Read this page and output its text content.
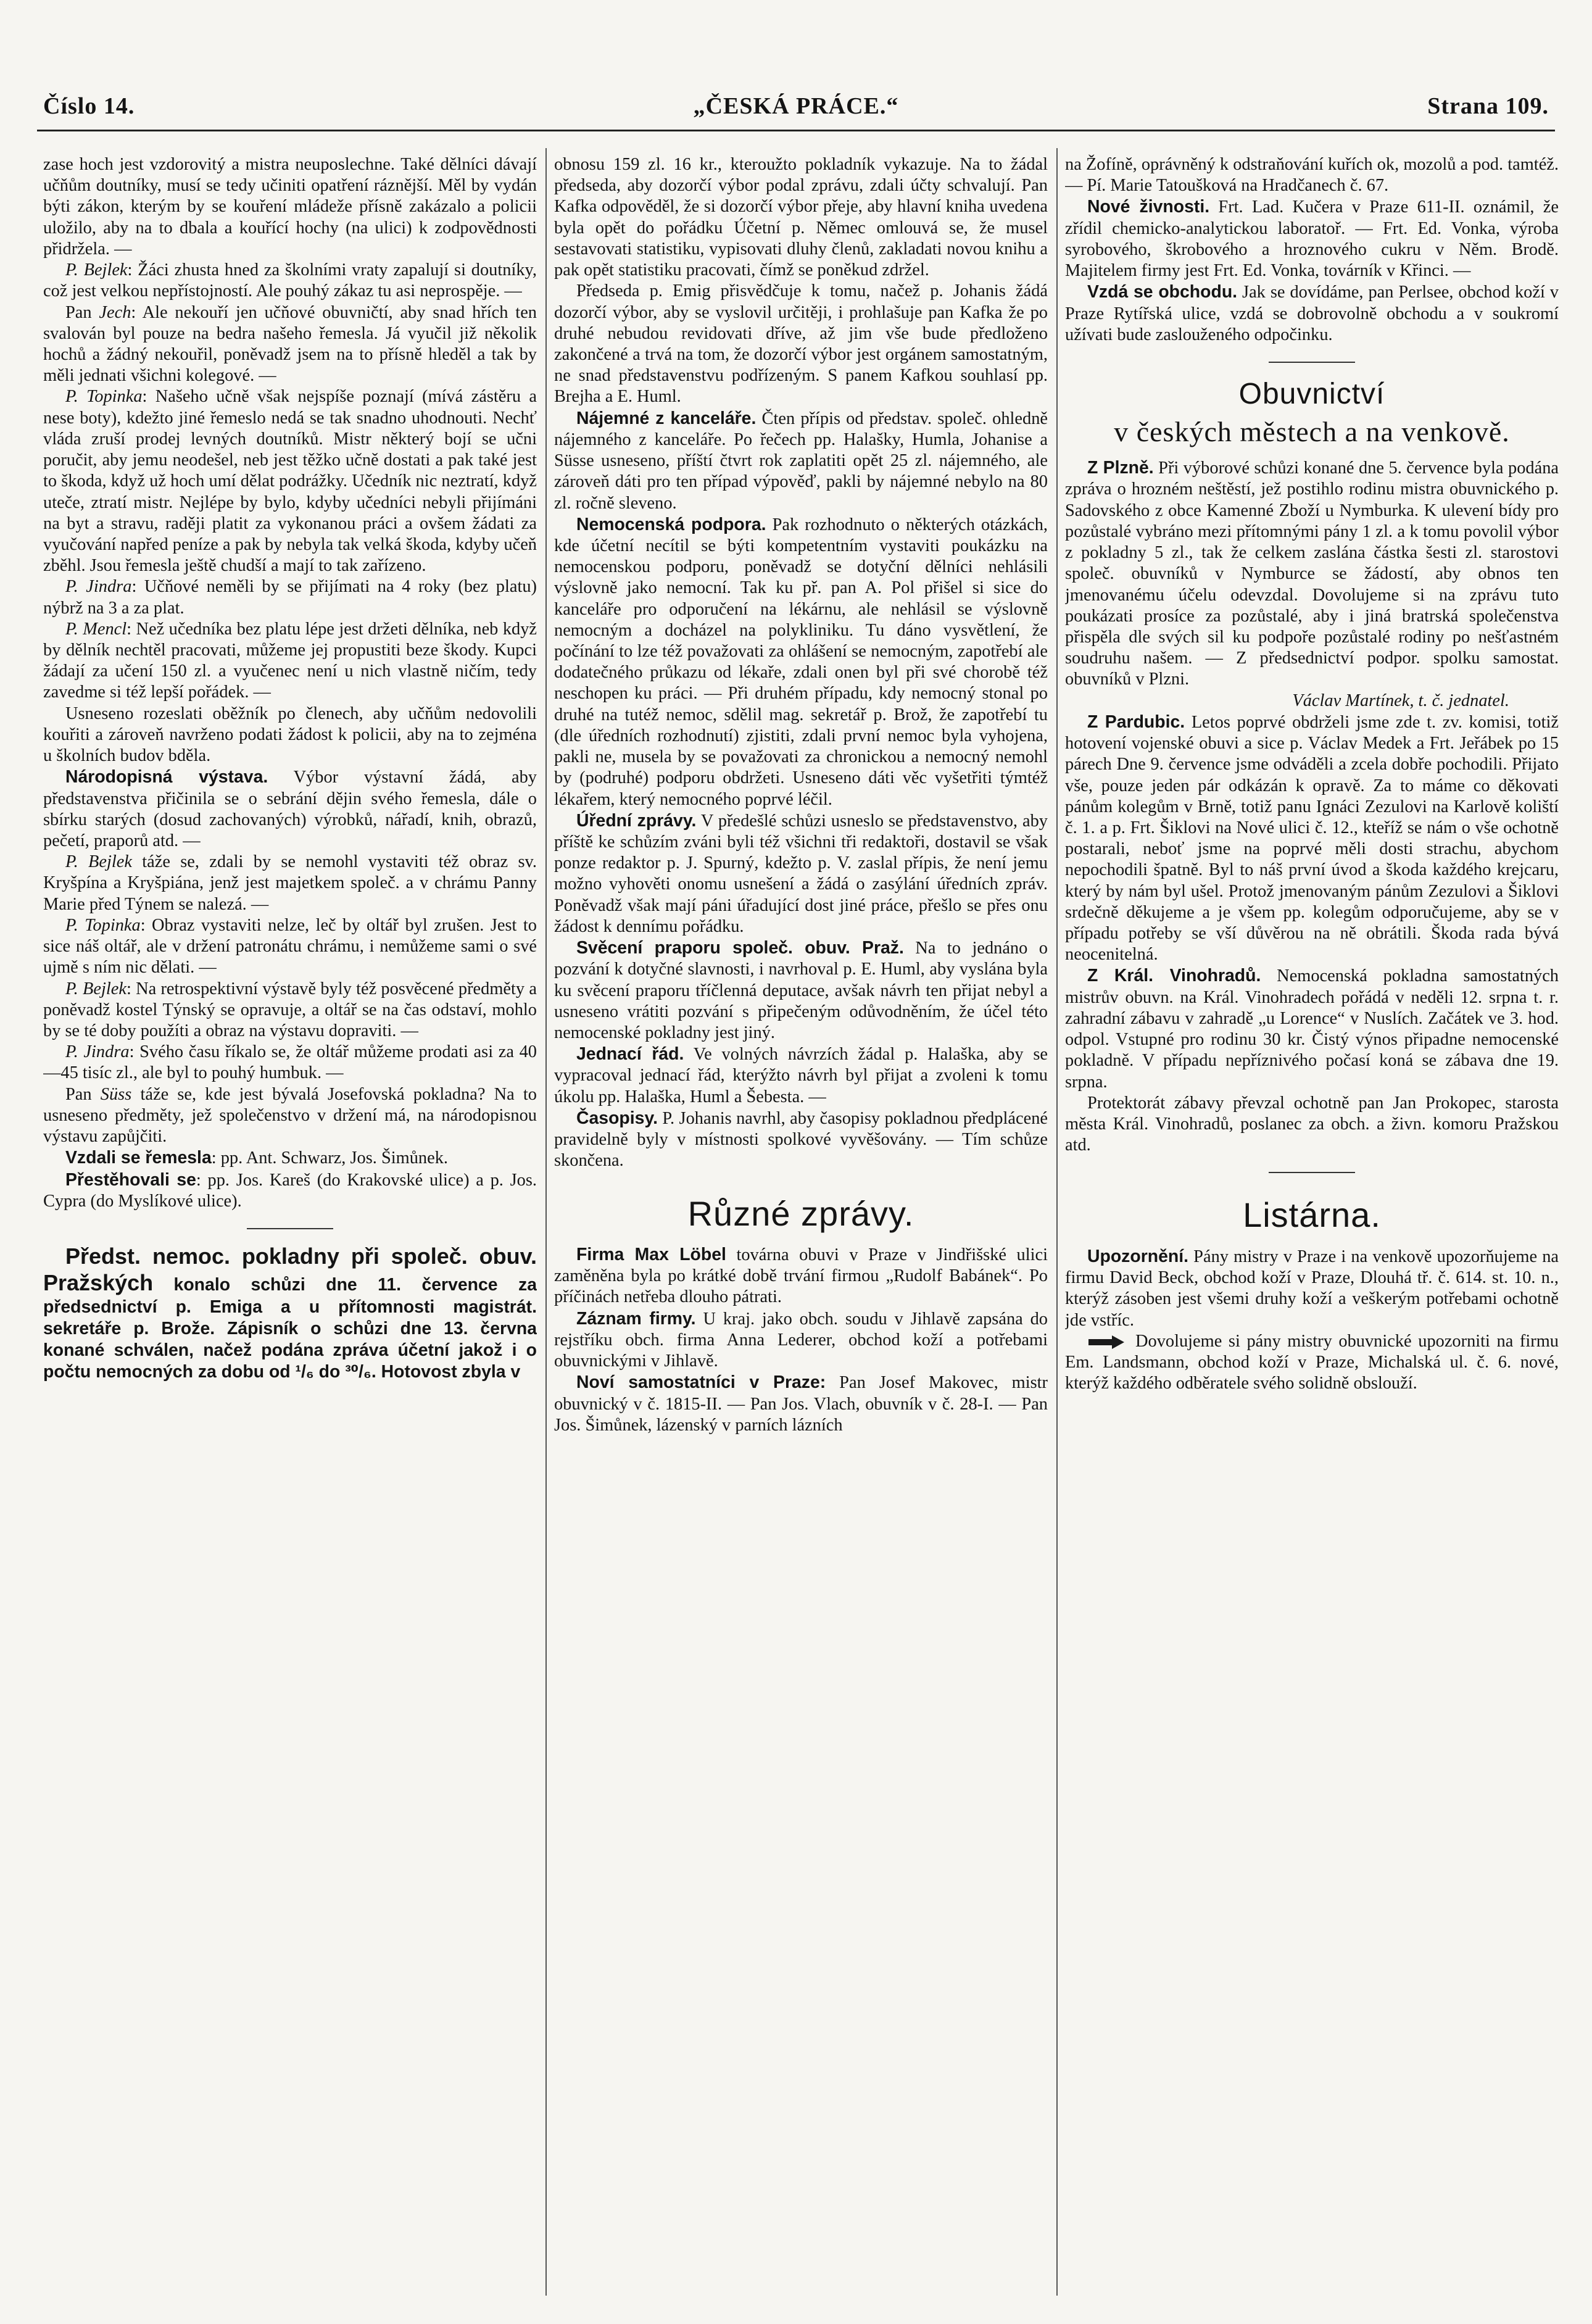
Číslo 14.	„ČESKÁ PRÁCE.“	Strana 109.

zase hoch jest vzdorovitý a mistra neuposlechne. Také dělníci dávají učňům doutníky, musí se tedy učiniti opatření ráznější. Měl by vydán býti zákon, kterým by se kouření mládeže přísně zakázalo a policii uložilo, aby na to dbala a kouřící hochy (na ulici) k zodpovědnosti přidržela. —

P. Bejlek: Žáci zhusta hned za školními vraty zapalují si doutníky, což jest velkou nepřístojností. Ale pouhý zákaz tu asi neprospěje. —

Pan Jech: Ale nekouří jen učňové obuvničtí, aby snad hřích ten svalován byl pouze na bedra našeho řemesla. Já vyučil již několik hochů a žádný nekouřil, poněvadž jsem na to přísně hleděl a tak by měli jednati všichni kolegové. —

P. Topinka: Našeho učně však nejspíše poznají (mívá zástěru a nese boty), kdežto jiné řemeslo nedá se tak snadno uhodnouti. Nechť vláda zruší prodej levných doutníků. Mistr některý bojí se učni poručit, aby jemu neodešel, neb jest těžko učně dostati a pak také jest to škoda, když už hoch umí dělat podrážky. Učedník nic neztratí, když uteče, ztratí mistr. Nejlépe by bylo, kdyby učedníci nebyli přijímáni na byt a stravu, raději platit za vykonanou práci a ovšem žádati za vyučování napřed peníze a pak by nebyla tak velká škoda, kdyby učeň zběhl. Jsou řemesla ještě chudší a mají to tak zařízeno.

P. Jindra: Učňové neměli by se přijímati na 4 roky (bez platu) nýbrž na 3 a za plat.

P. Mencl: Než učedníka bez platu lépe jest držeti dělníka, neb když by dělník nechtěl pracovati, můžeme jej propustiti beze škody. Kupci žádají za učení 150 zl. a vyučenec není u nich vlastně ničím, tedy zavedme si též lepší pořádek. —

Usneseno rozeslati oběžník po členech, aby učňům nedovolili kouřiti a zároveň navrženo podati žádost k policii, aby na to zejména u školních budov bděla.

Národopisná výstava. Výbor výstavní žádá, aby představenstva přičinila se o sebrání dějin svého řemesla, dále o sbírku starých (dosud zachovaných) výrobků, nářadí, knih, obrazů, pečetí, praporů atd. —

P. Bejlek táže se, zdali by se nemohl vystaviti též obraz sv. Kryšpína a Kryšpiána, jenž jest majetkem společ. a v chrámu Panny Marie před Týnem se nalezá. —

P. Topinka: Obraz vystaviti nelze, leč by oltář byl zrušen. Jest to sice náš oltář, ale v držení patronátu chrámu, i nemůžeme sami o své ujmě s ním nic dělati. —

P. Bejlek: Na retrospektivní výstavě byly též posvěcené předměty a poněvadž kostel Týnský se opravuje, a oltář se na čas odstaví, mohlo by se té doby použíti a obraz na výstavu dopraviti. —

P. Jindra: Svého času říkalo se, že oltář můžeme prodati asi za 40—45 tisíc zl., ale byl to pouhý humbuk. —

Pan Süss táže se, kde jest bývalá Josefovská pokladna? Na to usneseno předměty, jež společenstvo v držení má, na národopisnou výstavu zapůjčiti.

Vzdali se řemesla: pp. Ant. Schwarz, Jos. Šimůnek.

Přestěhovali se: pp. Jos. Kareš (do Krakovské ulice) a p. Jos. Cypra (do Myslíkové ulice).

Předst. nemoc. pokladny při společ. obuv. Pražských konalo schůzi dne 11. července za předsednictví p. Emiga a u přítomnosti magistrát. sekretáře p. Brože. Zápisník o schůzi dne 13. června konané schválen, načež podána zpráva účetní jakož i o počtu nemocných za dobu od ¹/₆ do ³⁰/₆. Hotovost zbyla v

obnosu 159 zl. 16 kr., kteroužto pokladník vykazuje. Na to žádal předseda, aby dozorčí výbor podal zprávu, zdali účty schvalují. Pan Kafka odpověděl, že si dozorčí výbor přeje, aby hlavní kniha uvedena byla opět do pořádku Účetní p. Němec omlouvá se, že musel sestavovati statistiku, vypisovati dluhy členů, zakladati novou knihu a pak opět statistiku pracovati, čímž se poněkud zdržel.

Předseda p. Emig přisvědčuje k tomu, načež p. Johanis žádá dozorčí výbor, aby se vyslovil určitěji, i prohlašuje pan Kafka že po druhé nebudou revidovati dříve, až jim vše bude předloženo zakončené a trvá na tom, že dozorčí výbor jest orgánem samostatným, ne snad představenstvu podřízeným. S panem Kafkou souhlasí pp. Brejha a E. Huml.

Nájemné z kanceláře. Čten přípis od představ. společ. ohledně nájemného z kanceláře. Po řečech pp. Halašky, Humla, Johanise a Süsse usneseno, příští čtvrt rok zaplatiti opět 25 zl. nájemného, ale zároveň dáti pro ten případ výpověď, pakli by nájemné nebylo na 80 zl. ročně sleveno.

Nemocenská podpora. Pak rozhodnuto o některých otázkách, kde účetní necítil se býti kompetentním vystaviti poukázku na nemocenskou podporu, poněvadž se dotyční dělníci nehlásili výslovně jako nemocní. Tak ku př. pan A. Pol přišel si sice do kanceláře pro odporučení na lékárnu, ale nehlásil se výslovně nemocným a docházel na polykliniku. Tu dáno vysvětlení, že počínání to lze též považovati za ohlášení se nemocným, zapotřebí ale dodatečného průkazu od lékaře, zdali onen byl při své chorobě též neschopen ku práci. — Při druhém případu, kdy nemocný stonal po druhé na tutéž nemoc, sdělil mag. sekretář p. Brož, že zapotřebí tu (dle úředních rozhodnutí) zjistiti, zdali první nemoc byla vyhojena, pakli ne, musela by se považovati za chronickou a nemocný nemohl by (podruhé) podporu obdržeti. Usneseno dáti věc vyšetřiti týmtéž lékařem, který nemocného poprvé léčil.

Úřední zprávy. V předešlé schůzi usneslo se představenstvo, aby příště ke schůzím zváni byli též všichni tři redaktoři, dostavil se však ponze redaktor p. J. Spurný, kdežto p. V. zaslal přípis, že není jemu možno vyhověti onomu usnešení a žádá o zasýlání úředních zpráv. Poněvadž však mají páni úřadující dost jiné práce, přešlo se přes onu žádost k dennímu pořádku.

Svěcení praporu společ. obuv. Praž. Na to jednáno o pozvání k dotyčné slavnosti, i navrhoval p. E. Huml, aby vyslána byla ku svěcení praporu tříčlenná deputace, avšak návrh ten přijat nebyl a usneseno vrátiti pozvání s připečeným odůvodněním, že účel této nemocenské pokladny jest jiný.

Jednací řád. Ve volných návrzích žádal p. Halaška, aby se vypracoval jednací řád, kterýžto návrh byl přijat a zvoleni k tomu úkolu pp. Halaška, Huml a Šebesta. —

Časopisy. P. Johanis navrhl, aby časopisy pokladnou předplácené pravidelně byly v místnosti spolkové vyvěšovány. — Tím schůze skončena.

Různé zprávy.

Firma Max Löbel továrna obuvi v Praze v Jindřišské ulici zaměněna byla po krátké době trvání firmou „Rudolf Babánek“. Po příčinách netřeba dlouho pátrati.

Záznam firmy. U kraj. jako obch. soudu v Jihlavě zapsána do rejstříku obch. firma Anna Lederer, obchod koží a potřebami obuvnickými v Jihlavě.

Noví samostatníci v Praze: Pan Josef Makovec, mistr obuvnický v č. 1815-II. — Pan Jos. Vlach, obuvník v č. 28-I. — Pan Jos. Šimůnek, lázenský v parních lázních

na Žofíně, oprávněný k odstraňování kuřích ok, mozolů a pod. tamtéž. — Pí. Marie Tatoušková na Hradčanech č. 67.

Nové živnosti. Frt. Lad. Kučera v Praze 611-II. oznámil, že zřídil chemicko-analytickou laboratoř. — Frt. Ed. Vonka, výroba syrobového, škrobového a hroznového cukru v Něm. Brodě. Majitelem firmy jest Frt. Ed. Vonka, továrník v Křinci. —

Vzdá se obchodu. Jak se dovídáme, pan Perlsee, obchod koží v Praze Rytířská ulice, vzdá se dobrovolně obchodu a v soukromí užívati bude zaslouženého odpočinku.

Obuvnictví
v českých městech a na venkově.

Z Plzně. Při výborové schůzi konané dne 5. července byla podána zpráva o hrozném neštěstí, jež postihlo rodinu mistra obuvnického p. Sadovského z obce Kamenné Zboží u Nymburka. K ulevení bídy pro pozůstalé vybráno mezi přítomnými pány 1 zl. a k tomu povolil výbor z pokladny 5 zl., tak že celkem zaslána částka šesti zl. starostovi společ. obuvníků v Nymburce se žádostí, aby obnos ten jmenovanému účelu odevzdal. Dovolujeme si na zprávu tuto poukázati prosíce za pozůstalé, aby i jiná bratrská společenstva přispěla dle svých sil ku podpoře pozůstalé rodiny po nešťastném soudruhu našem. — Z předsednictví podpor. spolku samostat. obuvníků v Plzni.

Václav Martínek, t. č. jednatel.

Z Pardubic. Letos poprvé obdrželi jsme zde t. zv. komisi, totiž hotovení vojenské obuvi a sice p. Václav Medek a Frt. Jeřábek po 15 párech Dne 9. července jsme odváděli a zcela dobře pochodili. Přijato vše, pouze jeden pár odkázán k opravě. Za to máme co děkovati pánům kolegům v Brně, totiž panu Ignáci Zezulovi na Karlově koliští č. 1. a p. Frt. Šiklovi na Nové ulici č. 12., kteříž se nám o vše ochotně postarali, neboť jsme na poprvé měli dosti strachu, abychom nepochodili špatně. Byl to náš první úvod a škoda každého krejcaru, který by nám byl ušel. Protož jmenovaným pánům Zezulovi a Šiklovi srdečně děkujeme a je všem pp. kolegům odporučujeme, aby se v případu potřeby se vší důvěrou na ně obrátili. Škoda rada bývá neocenitelná.

Z Král. Vinohradů. Nemocenská pokladna samostatných mistrův obuvn. na Král. Vinohradech pořádá v neděli 12. srpna t. r. zahradní zábavu v zahradě „u Lorence“ v Nuslích. Začátek ve 3. hod. odpol. Vstupné pro rodinu 30 kr. Čistý výnos připadne nemocenské pokladně. V případu nepříznivého počasí koná se zábava dne 19. srpna.

Protektorát zábavy převzal ochotně pan Jan Prokopec, starosta města Král. Vinohradů, poslanec za obch. a živn. komoru Pražskou atd.

Listárna.

Upozornění. Pány mistry v Praze i na venkově upozorňujeme na firmu David Beck, obchod koží v Praze, Dlouhá tř. č. 614. st. 10. n., kterýž zásoben jest všemi druhy koží a veškerým potřebami ochotně jde vstříc.

Dovolujeme si pány mistry obuvnické upozorniti na firmu Em. Landsmann, obchod koží v Praze, Michalská ul. č. 6. nové, kterýž každého odběratele svého solidně obslouží.
